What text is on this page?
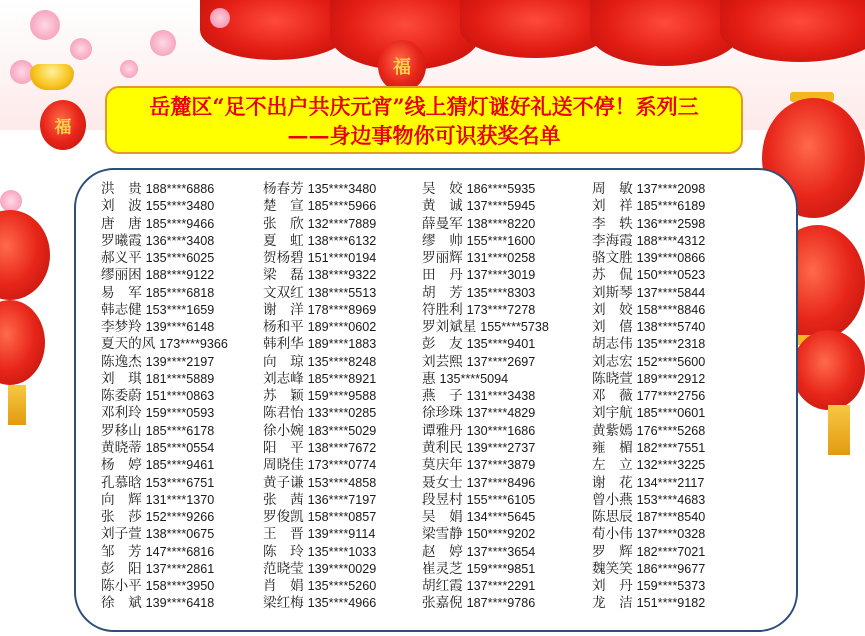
福
福
岳麓区“足不出户共庆元宵”线上猜灯谜好礼送不停！系列三
——身边事物你可识获奖名单
洪　贵 188****6886
刘　波 155****3480
唐　唐 185****9466
罗曦霞 136****3408
郝义平 135****6025
缪丽困 188****9122
易　军 185****6818
韩志健 153****1659
李梦羚 139****6148
夏天的风 173****9366
陈逸杰 139****2197
刘　琪 181****5889
陈委蔚 151****0863
邓利玲 159****0593
罗移山 185****6178
黄晓蒂 185****0554
杨　婷 185****9461
孔慕晗 153****6751
向　辉 131****1370
张　莎 152****9266
刘子萱 138****0675
邹　芳 147****6816
彭　阳 137****2861
陈小平 158****3950
徐　斌 139****6418
杨春芳 135****3480
楚　宣 185****5966
张　欣 132****7889
夏　虹 138****6132
贺杨碧 151****0194
梁　磊 138****9322
文双红 138****5513
谢　洋 178****8969
杨和平 189****0602
韩利华 189****1883
向　琼 135****8248
刘志峰 185****8921
苏　颖 159****9588
陈君怡 133****0285
徐小婉 183****5029
阳　平 138****7672
周晓佳 173****0774
黄子谦 153****4858
张　茜 136****7197
罗俊凯 158****0857
王　晋 139****9114
陈　玲 135****1033
范晓莹 139****0029
肖　娟 135****5260
梁红梅 135****4966
吴　姣 186****5935
黄　诚 137****5945
薛曼军 138****8220
缪　帅 155****1600
罗丽辉 131****0258
田　丹 137****3019
胡　芳 135****8303
符胜利 173****7278
罗刘斌星 155****5738
彭　友 135****9401
刘芸熙 137****2697
惠 135****5094
燕　子 131****3438
徐珍珠 137****4829
谭雅丹 130****1686
黄利民 139****2737
莫庆年 137****3879
聂女士 137****8496
段昱村 155****6105
吴　娟 134****5645
梁雪静 150****9202
赵　婷 137****3654
崔灵芝 159****9851
胡红霞 137****2291
张嘉倪 187****9786
周　敏 137****2098
刘　祥 185****6189
李　轶 136****2598
李海霞 188****4312
骆文胜 139****0866
苏　侃 150****0523
刘斯琴 137****5844
刘　姣 158****8846
刘　僖 138****5740
胡志伟 135****2318
刘志宏 152****5600
陈晓萱 189****2912
邓　薇 177****2756
刘宇航 185****0601
黄紫嫣 176****5268
雍　楣 182****7551
左　立 132****3225
谢　花 134****2117
曾小燕 153****4683
陈思辰 187****8540
荀小伟 137****0328
罗　辉 182****7021
魏笑笑 186****9677
刘　丹 159****5373
龙　洁 151****9182
